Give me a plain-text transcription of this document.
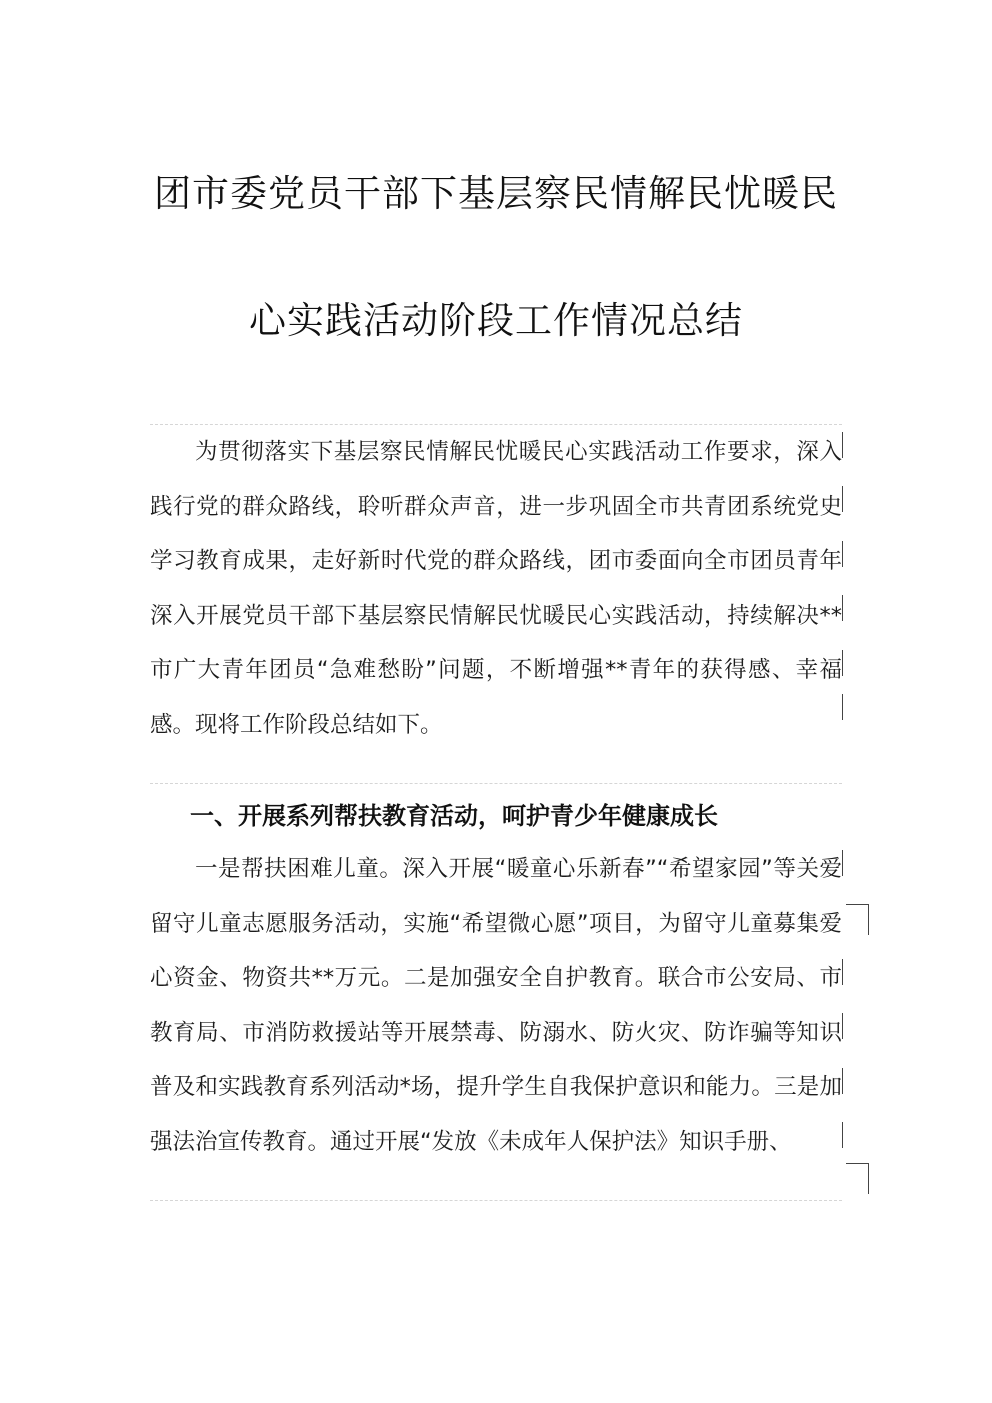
团市委党员干部下基层察民情解民忧暖民
心实践活动阶段工作情况总结
为贯彻落实下基层察民情解民忧暖民心实践活动工作要求，深入践行党的群众路线，聆听群众声音，进一步巩固全市共青团系统党史学习教育成果，走好新时代党的群众路线，团市委面向全市团员青年深入开展党员干部下基层察民情解民忧暖民心实践活动，持续解决**市广大青年团员“急难愁盼”问题，不断增强**青年的获得感、幸福感。现将工作阶段总结如下。
一、开展系列帮扶教育活动，呵护青少年健康成长
一是帮扶困难儿童。深入开展“暖童心乐新春”“希望家园”等关爱留守儿童志愿服务活动，实施“希望微心愿”项目，为留守儿童募集爱心资金、物资共**万元。二是加强安全自护教育。联合市公安局、市教育局、市消防救援站等开展禁毒、防溺水、防火灾、防诈骗等知识普及和实践教育系列活动*场，提升学生自我保护意识和能力。三是加强法治宣传教育。通过开展“发放《未成年人保护法》知识手册、
